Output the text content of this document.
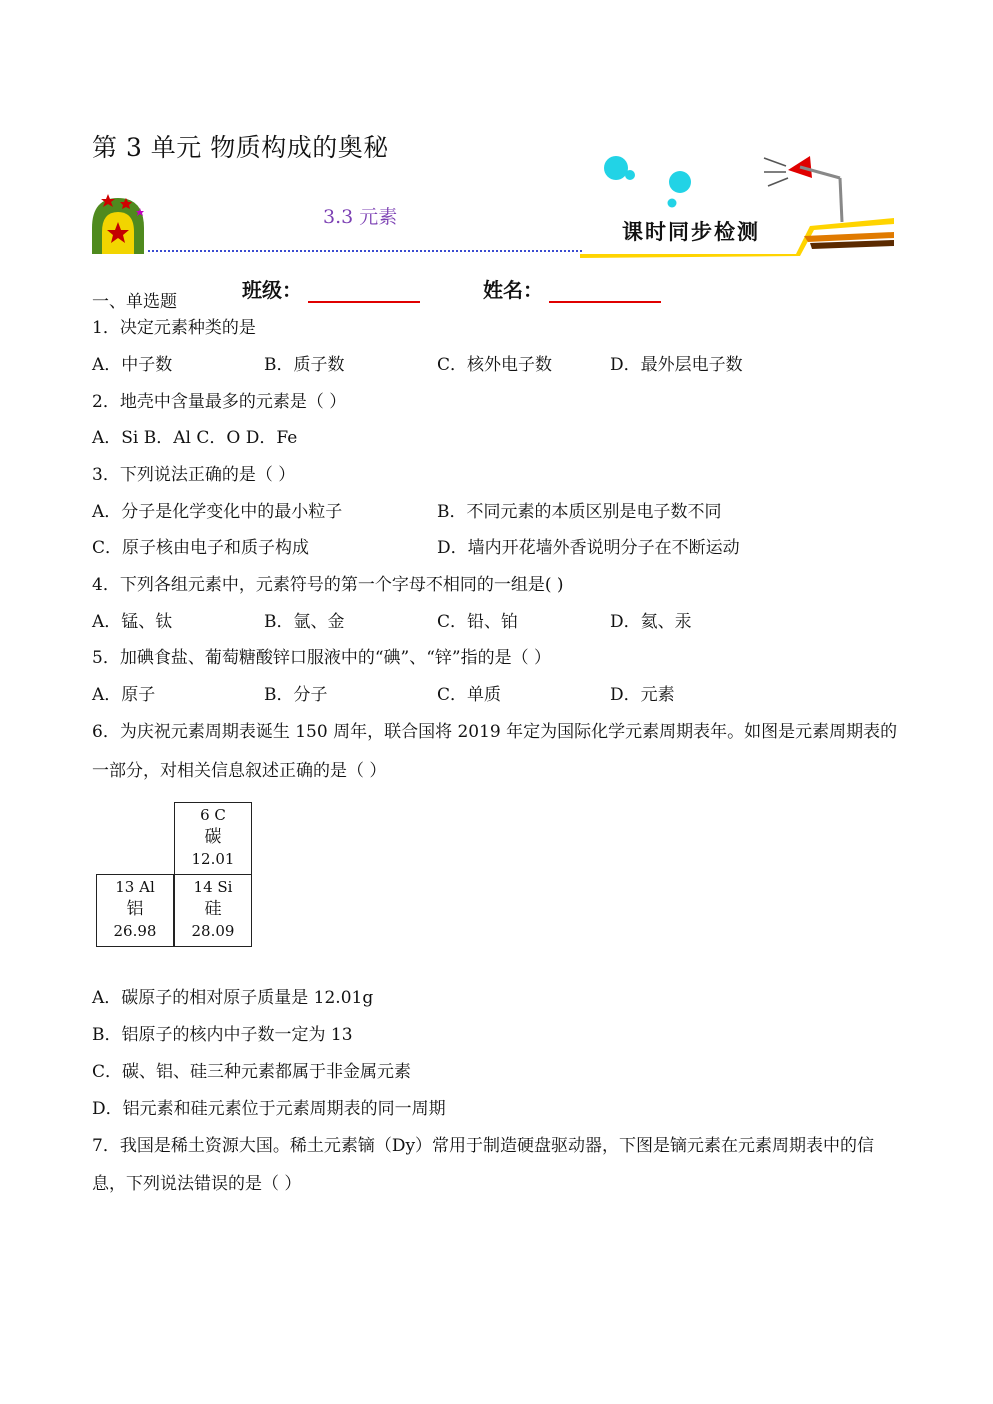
第 3 单元 物质构成的奥秘
3.3 元素
课时同步检测
班级：	姓名：
一、单选题
1．决定元素种类的是
A．中子数	B．质子数	C．核外电子数	D．最外层电子数
2．地壳中含量最多的元素是（ ）
A．Si B．Al C．O D．Fe
3．下列说法正确的是（ ）
A．分子是化学变化中的最小粒子	B．不同元素的本质区别是电子数不同
C．原子核由电子和质子构成	D．墙内开花墙外香说明分子在不断运动
4．下列各组元素中，元素符号的第一个字母不相同的一组是( )
A．锰、钛	B．氩、金	C．铅、铂	D．氦、汞
5．加碘食盐、葡萄糖酸锌口服液中的“碘”、“锌”指的是（ ）
A．原子	B．分子	C．单质	D．元素
6．为庆祝元素周期表诞生 150 周年，联合国将 2019 年定为国际化学元素周期表年。如图是元素周期表的
一部分，对相关信息叙述正确的是（ ）
6 C
碳
12.01
13 Al
铝
26.98
14 Si
硅
28.09
A．碳原子的相对原子质量是 12.01g
B．铝原子的核内中子数一定为 13
C．碳、铝、硅三种元素都属于非金属元素
D．铝元素和硅元素位于元素周期表的同一周期
7．我国是稀土资源大国。稀土元素镝（Dy）常用于制造硬盘驱动器，下图是镝元素在元素周期表中的信
息，下列说法错误的是（ ）
